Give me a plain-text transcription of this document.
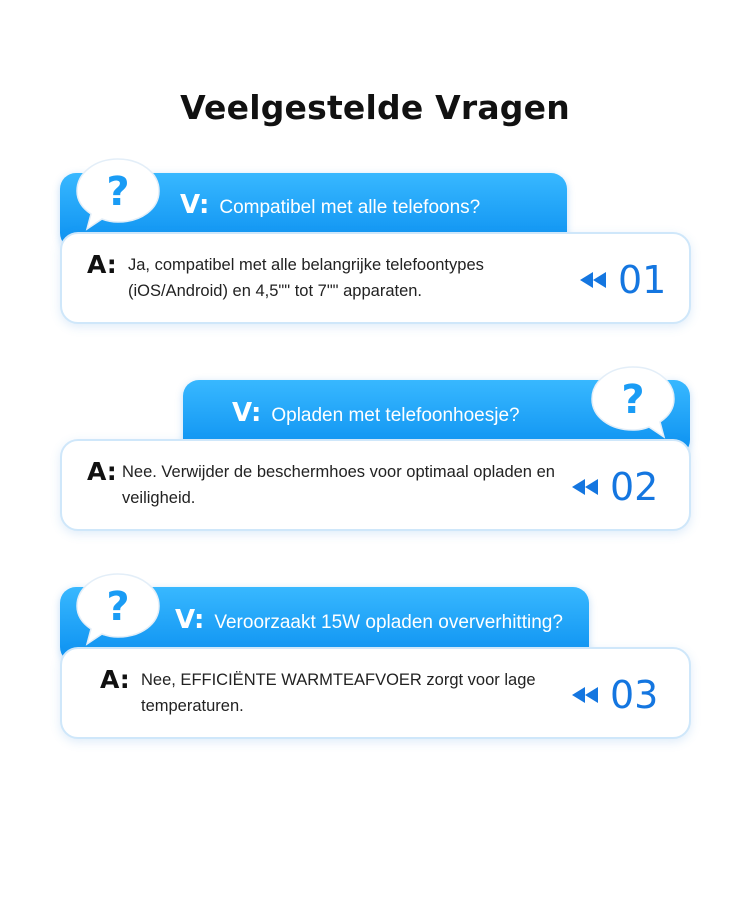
Veelgestelde Vragen
A: Ja, compatibel met alle belangrijke telefoontypes (iOS/Android) en 4,5"" tot 7"" apparaten.	01
V: Compatibel met alle telefoons?
?
A: Nee. Verwijder de beschermhoes voor optimaal opladen en veiligheid.	02
V: Opladen met telefoonhoesje?	?
A: Nee, EFFICIËNTE WARMTEAFVOER zorgt voor lage temperaturen.	03
V: Veroorzaakt 15W opladen oververhitting?
?
